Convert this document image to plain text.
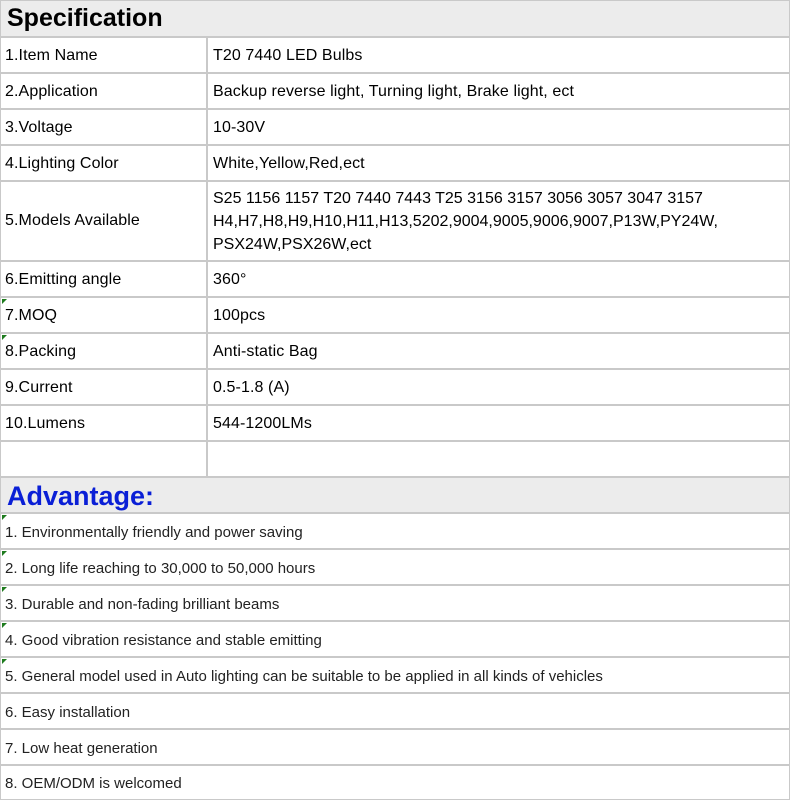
Specification
1.Item Name	T20 7440 LED Bulbs
2.Application	Backup reverse light, Turning light, Brake light, ect
3.Voltage	10-30V
4.Lighting Color	White,Yellow,Red,ect
5.Models Available
S25 1156 1157 T20 7440 7443 T25 3156 3157 3056 3057 3047 3157
H4,H7,H8,H9,H10,H11,H13,5202,9004,9005,9006,9007,P13W,PY24W,
PSX24W,PSX26W,ect
6.Emitting angle	360°
7.MOQ	100pcs
8.Packing	Anti-static Bag
9.Current	0.5-1.8 (A)
10.Lumens	544-1200LMs
Advantage:
1. Environmentally friendly and power saving
2. Long life reaching to 30,000 to 50,000 hours
3. Durable and non-fading brilliant beams
4. Good vibration resistance and stable emitting
5. General model used in Auto lighting can be suitable to be applied in all kinds of vehicles
6. Easy installation
7. Low heat generation
8. OEM/ODM is welcomed
